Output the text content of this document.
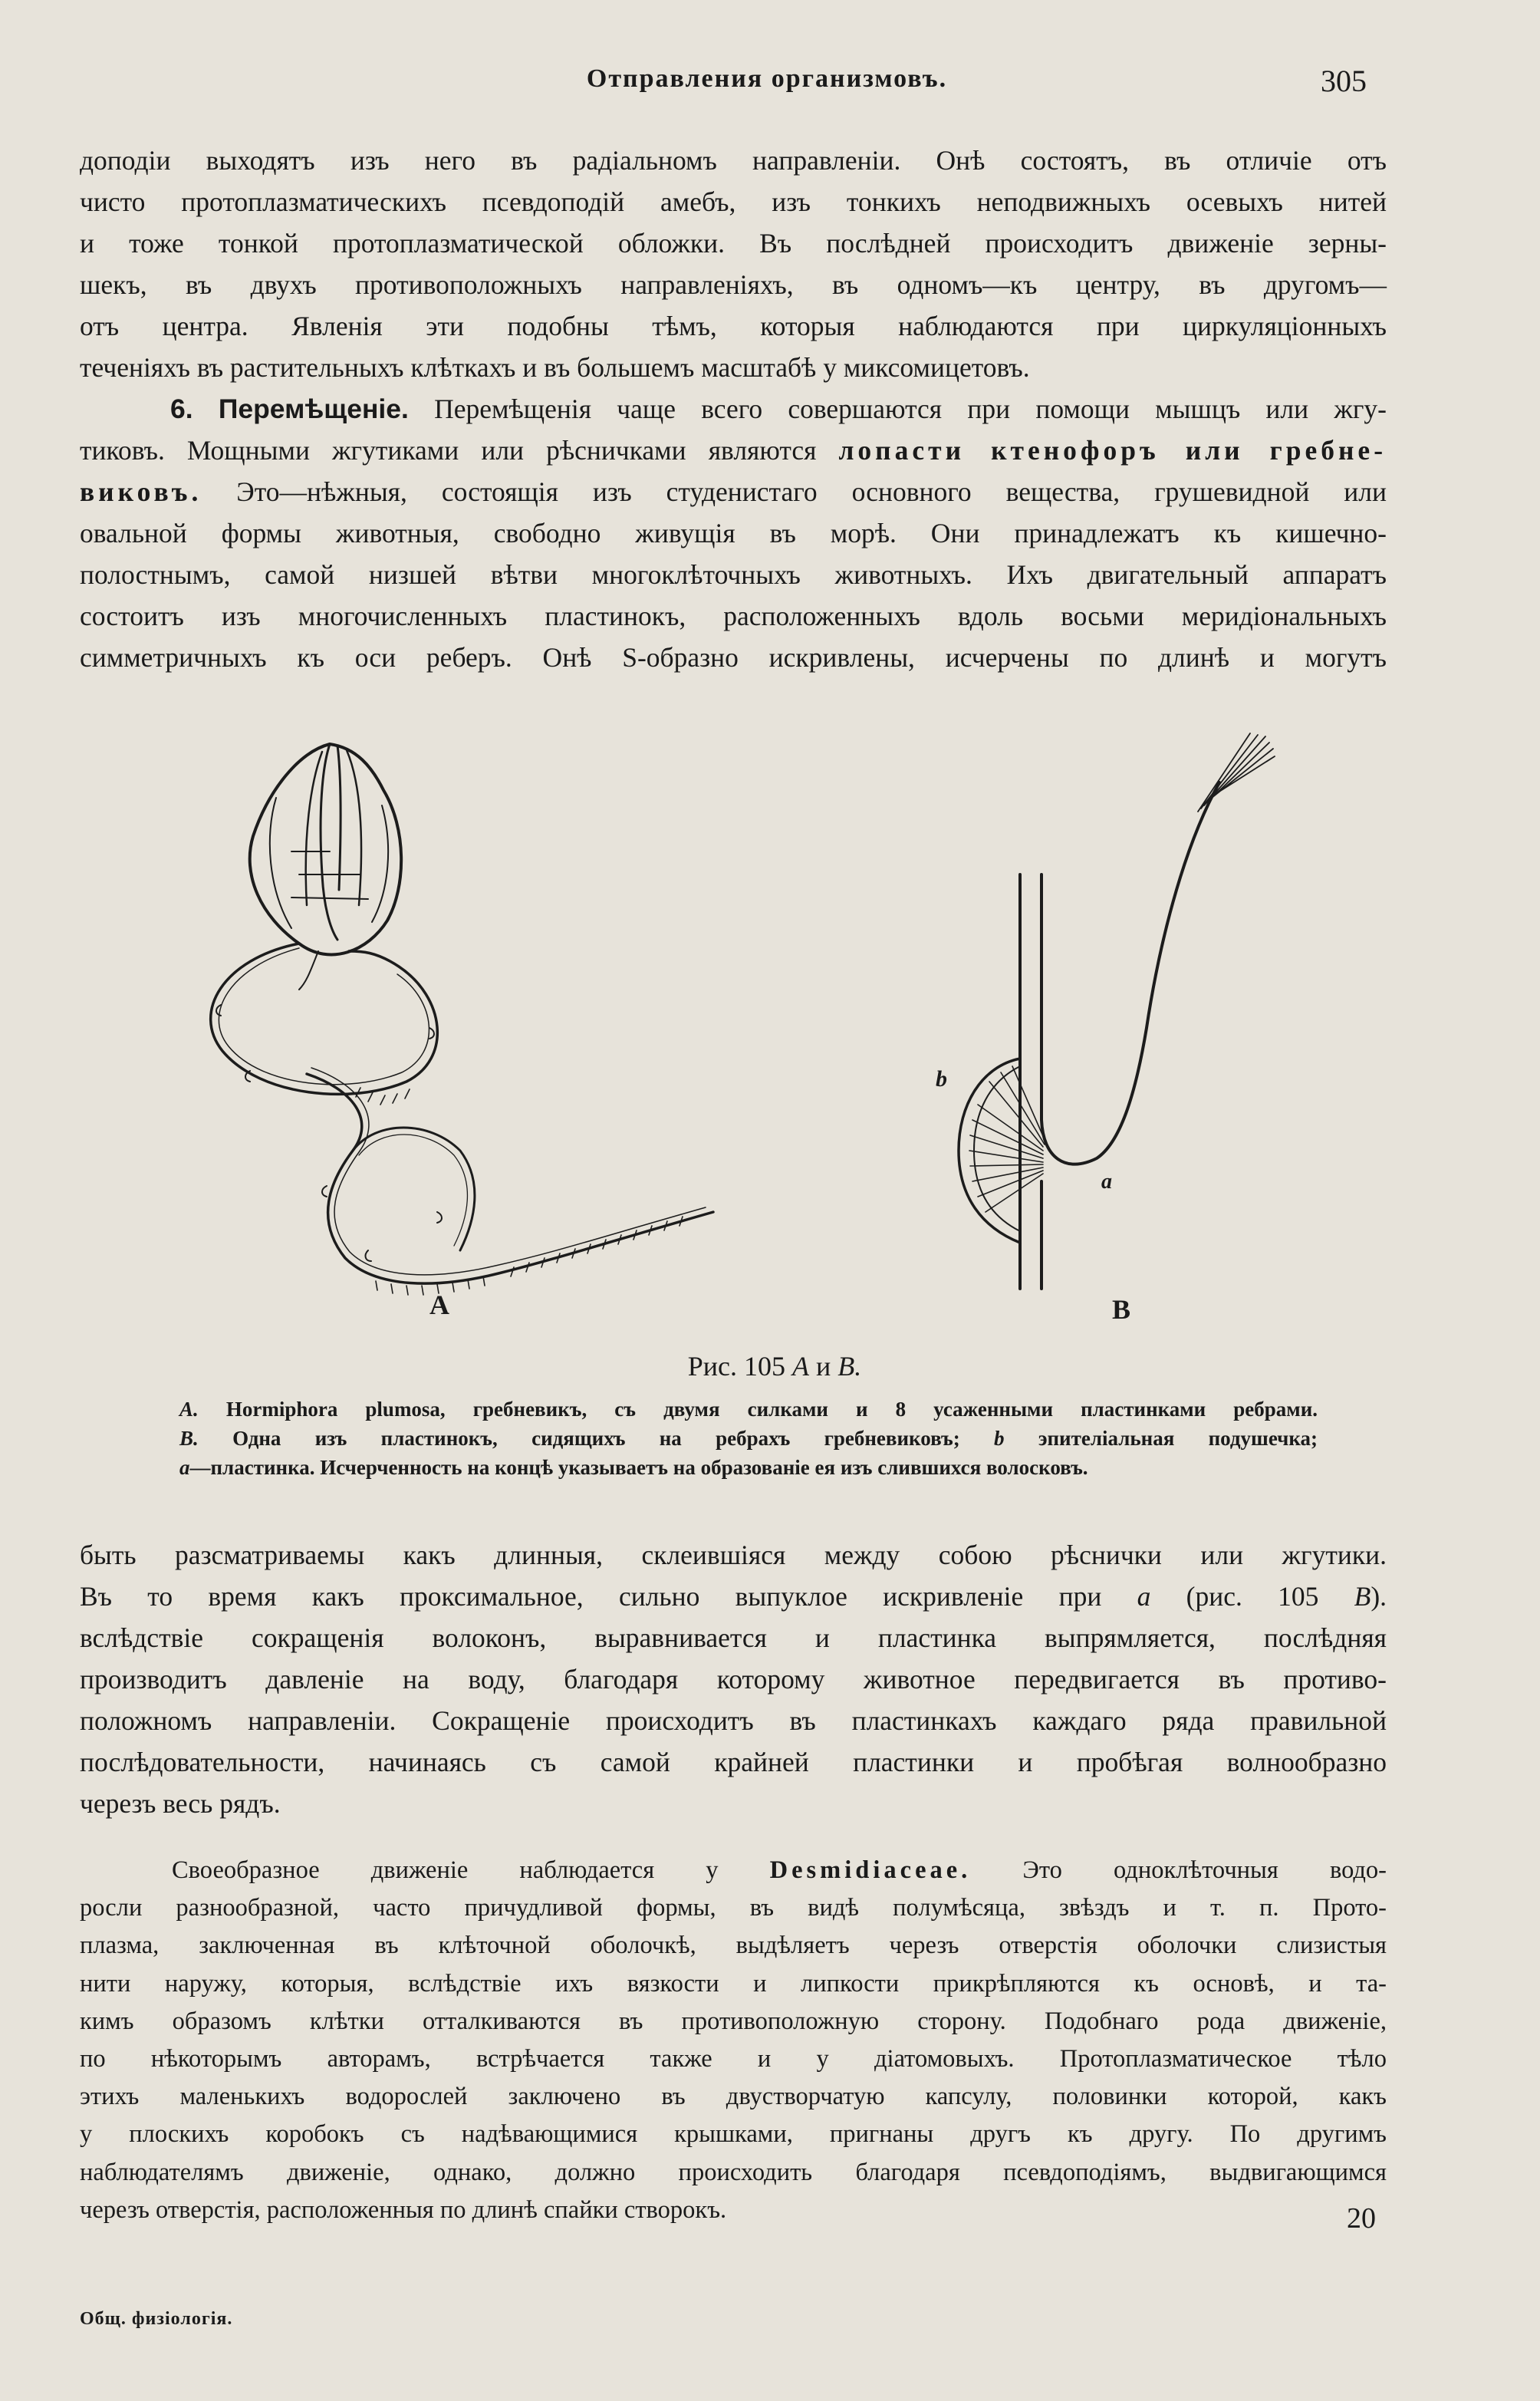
Отправления организмовъ.	305
доподіи выходятъ изъ него въ радіальномъ направленіи. Онѣ состоятъ, въ отличіе отъ
чисто протоплазматическихъ псевдоподій амебъ, изъ тонкихъ неподвижныхъ осевыхъ нитей
и тоже тонкой протоплазматической обложки. Въ послѣдней происходитъ движеніе зерны-
шекъ, въ двухъ противоположныхъ направленіяхъ, въ одномъ—къ центру, въ другомъ—
отъ центра. Явленія эти подобны тѣмъ, которыя наблюдаются при циркуляціонныхъ
теченіяхъ въ растительныхъ клѣткахъ и въ большемъ масштабѣ у миксомицетовъ.
6. Перемѣщеніе. Перемѣщенія чаще всего совершаются при помощи мышцъ или жгу-
тиковъ. Мощными жгутиками или рѣсничками являются лопасти ктенофоръ или гребне-
виковъ. Это—нѣжныя, состоящія изъ студенистаго основного вещества, грушевидной или
овальной формы животныя, свободно живущія въ морѣ. Они принадлежатъ къ кишечно-
полостнымъ, самой низшей вѣтви многоклѣточныхъ животныхъ. Ихъ двигательный аппаратъ
состоитъ изъ многочисленныхъ пластинокъ, расположенныхъ вдоль восьми меридіональныхъ
симметричныхъ къ оси реберъ. Онѣ S-образно искривлены, исчерчены по длинѣ и могутъ
A	B
b
a
Рис. 105 A и B.
A. Hormiphora plumosa, гребневикъ, съ двумя силками и 8 усаженными пластинками ребрами.
B. Одна изъ пластинокъ, сидящихъ на ребрахъ гребневиковъ; b эпителіальная подушечка;
a—пластинка. Исчерченность на концѣ указываетъ на образованіе ея изъ слившихся волосковъ.
быть разсматриваемы какъ длинныя, склеившіяся между собою рѣснички или жгутики.
Въ то время какъ проксимальное, сильно выпуклое искривленіе при a (рис. 105 B).
вслѣдствіе сокращенія волоконъ, выравнивается и пластинка выпрямляется, послѣдняя
производитъ давленіе на воду, благодаря которому животное передвигается въ противо-
положномъ направленіи. Сокращеніе происходитъ въ пластинкахъ каждаго ряда правильной
послѣдовательности, начинаясь съ самой крайней пластинки и пробѣгая волнообразно
черезъ весь рядъ.
Своеобразное движеніе наблюдается у Desmidiaceae. Это одноклѣточныя водо-
росли разнообразной, часто причудливой формы, въ видѣ полумѣсяца, звѣздъ и т. п. Прото-
плазма, заключенная въ клѣточной оболочкѣ, выдѣляетъ черезъ отверстія оболочки слизистыя
нити наружу, которыя, вслѣдствіе ихъ вязкости и липкости прикрѣпляются къ основѣ, и та-
кимъ образомъ клѣтки отталкиваются въ противоположную сторону. Подобнаго рода движеніе,
по нѣкоторымъ авторамъ, встрѣчается также и у діатомовыхъ. Протоплазматическое тѣло
этихъ маленькихъ водорослей заключено въ двустворчатую капсулу, половинки которой, какъ
у плоскихъ коробокъ съ надѣвающимися крышками, пригнаны другъ къ другу. По другимъ
наблюдателямъ движеніе, однако, должно происходить благодаря псевдоподіямъ, выдвигающимся
черезъ отверстія, расположенныя по длинѣ спайки створокъ.	20
Общ. физіологія.
